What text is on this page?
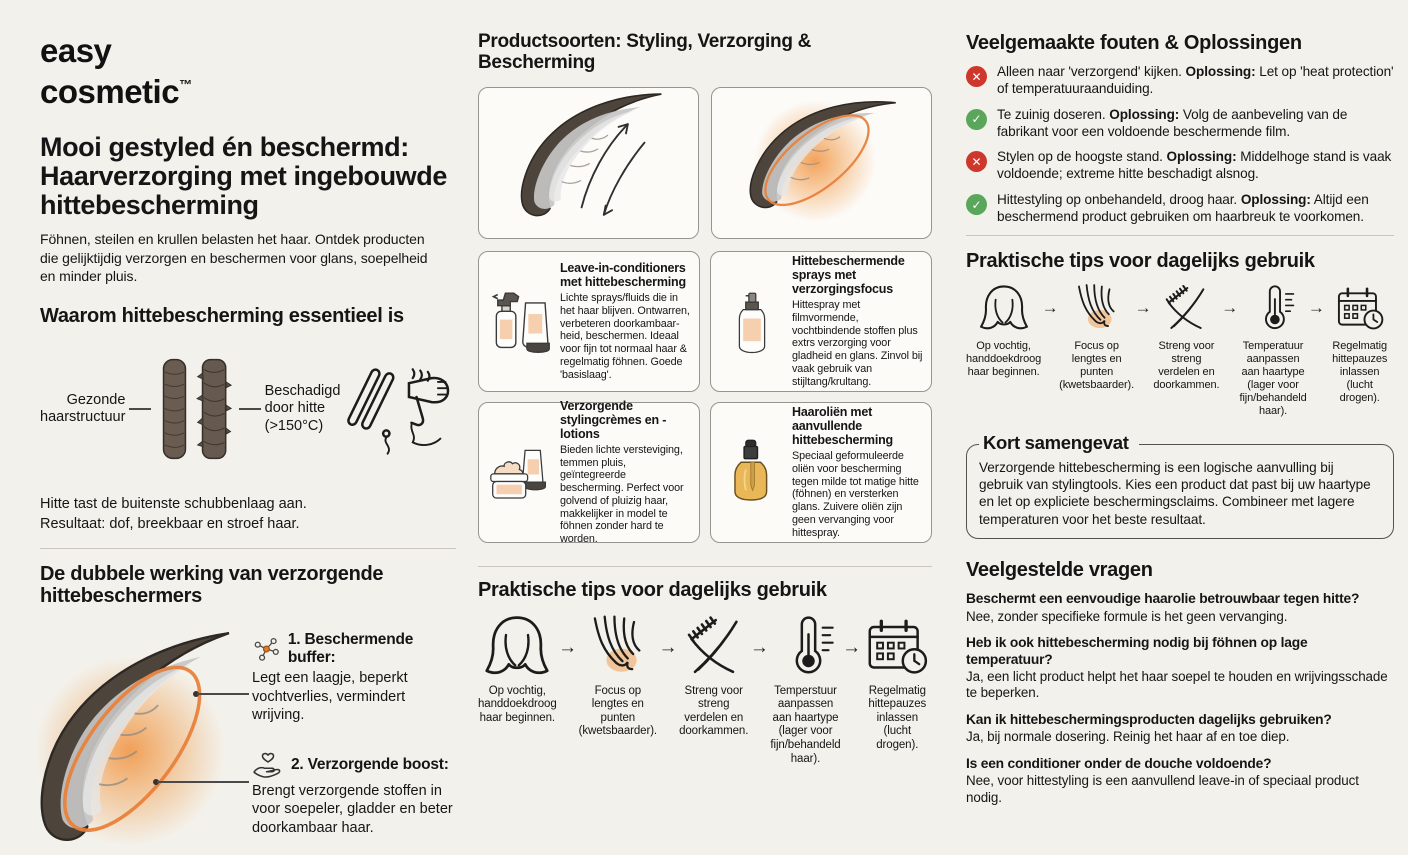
easy
cosmetic™
Mooi gestyled én beschermd: Haarverzorging met ingebouwde hittebescherming

Föhnen, steilen en krullen belasten het haar. Ontdek producten die gelijktijdig verzorgen en beschermen voor glans, soepelheid en minder pluis.

Waarom hittebescherming essentieel is
Gezonde haarstructuur
Beschadigd door hitte (>150°C)

Hitte tast de buitenste schubbenlaag aan.
Resultaat: dof, breekbaar en stroef haar.

De dubbele werking van verzorgende hittebeschermers
1. Beschermende buffer:

Legt een laagje, beperkt vochtverlies, vermindert wrijving.

2. Verzorgende boost:

Brengt verzorgende stoffen in voor soepeler, gladder en beter doorkambaar haar.

Productsoorten: Styling, Verzorging & Bescherming
Leave-in-conditioners met hittebescherming

Lichte sprays/fluids die in het haar blijven. Ontwarren, verbeteren doorkambaarheid, beschermen. Ideaal voor fijn tot normaal haar & regelmatig föhnen. Goede 'basislaag'.

Hittebeschermende sprays met verzorgingsfocus

Hittespray met filmvormende, vochtbindende stoffen plus extrs verzorging voor gladheid en glans. Zinvol bij vaak gebruik van stijltang/krultang.

Verzorgende stylingcrèmes en -lotions

Bieden lichte versteviging, temmen pluis, geïntegreerde bescherming. Perfect voor golvend of pluizig haar, makkelijker in model te föhnen zonder hard te worden.

Haaroliën met aanvullende hittebescherming

Speciaal geformuleerde oliën voor bescherming tegen milde tot matige hitte (föhnen) en versterken glans. Zuivere oliën zijn geen vervanging voor hittespray.

Praktische tips voor dagelijks gebruik

Op vochtig, handdoekdroog haar beginnen.

→

Focus op lengtes en punten (kwetsbaarder).

→

Streng voor streng verdelen en doorkammen.

→

Temperstuur aanpassen aan haartype (lager voor fijn/behandeld haar).

→

Regelmatig hittepauzes inlassen (lucht drogen).

Veelgemaakte fouten & Oplossingen
✕

Alleen naar 'verzorgend' kijken. Oplossing: Let op 'heat protection' of temperatuuraanduiding.

✓

Te zuinig doseren. Oplossing: Volg de aanbeveling van de fabrikant voor een voldoende beschermende film.

✕

Stylen op de hoogste stand. Oplossing: Middelhoge stand is vaak voldoende; extreme hitte beschadigt alsnog.

✓

Hittestyling op onbehandeld, droog haar. Oplossing: Altijd een beschermend product gebruiken om haarbreuk te voorkomen.

Praktische tips voor dagelijks gebruik

Op vochtig, handdoekdroog haar beginnen.

→

Focus op lengtes en punten (kwetsbaarder).

→

Streng voor streng verdelen en doorkammen.

→

Temperatuur aanpassen aan haartype (lager voor fijn/behandeld haar).

→

Regelmatig hittepauzes inlassen (lucht drogen).

Kort samengevat

Verzorgende hittebescherming is een logische aanvulling bij gebruik van stylingtools. Kies een product dat past bij uw haartype en let op expliciete beschermingsclaims. Combineer met lagere temperaturen voor het beste resultaat.

Veelgestelde vragen

Beschermt een eenvoudige haarolie betrouwbaar tegen hitte?

Nee, zonder specifieke formule is het geen vervanging.

Heb ik ook hittebescherming nodig bij föhnen op lage temperatuur?

Ja, een licht product helpt het haar soepel te houden en wrijvingsschade te beperken.

Kan ik hittebeschermingsproducten dagelijks gebruiken?

Ja, bij normale dosering. Reinig het haar af en toe diep.

Is een conditioner onder de douche voldoende?

Nee, voor hittestyling is een aanvullend leave-in of speciaal product nodig.
